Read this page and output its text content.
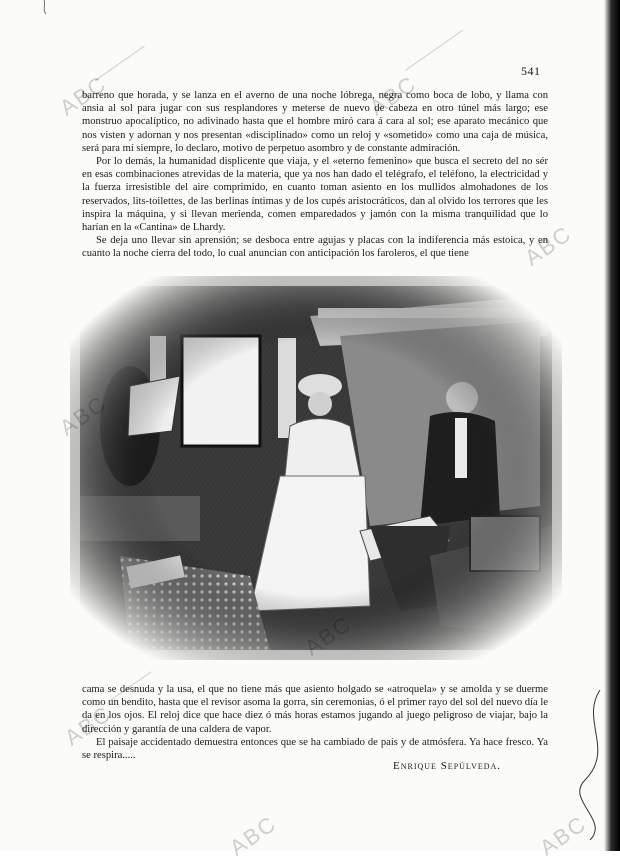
541

barreno que horada, y se lanza en el averno de una noche lóbrega, negra como boca de lobo, y llama con ansia al sol para jugar con sus resplandores y meterse de nuevo de cabeza en otro túnel más largo; ese monstruo apocalíptico, no adivinado hasta que el hombre miró cara á cara al sol; ese aparato mecánico que nos visten y adornan y nos presentan «disciplinado» como un reloj y «sometido» como una caja de música, será para mí siempre, lo declaro, motivo de perpetuo asombro y de constante admiración.

Por lo demás, la humanidad displicente que viaja, y el «eterno femenino» que busca el secreto del no sér en esas combinaciones atrevidas de la materia, que ya nos han dado el telégrafo, el teléfono, la electricidad y la fuerza irresistible del aire comprimido, en cuanto toman asiento en los mullidos almohadones de los reservados, lits-toilettes, de las berlinas íntimas y de los cupés aristocráticos, dan al olvido los terrores que les inspira la máquina, y si llevan merienda, comen emparedados y jamón con la misma tranquilidad que lo harían en la «Cantina» de Lhardy.

Se deja uno llevar sin aprensión; se desboca entre agujas y placas con la indiferencia más estoica, y en cuanto la noche cierra del todo, lo cual anuncian con anticipación los faroleros, el que tiene

cama se desnuda y la usa, el que no tiene más que asiento holgado se «atroquela» y se amolda y se duerme como un bendito, hasta que el revisor asoma la gorra, sin ceremonias, ó el primer rayo del sol del nuevo día le da en los ojos. El reloj dice que hace diez ó más horas estamos jugando al juego peligroso de viajar, bajo la dirección y garantía de una caldera de vapor.

El paisaje accidentado demuestra entonces que se ha cambiado de país y de atmósfera. Ya hace fresco. Ya se respira.....

Enrique Sepúlveda.
ABC	ABC
ABC
ABC
ABC	ABC
